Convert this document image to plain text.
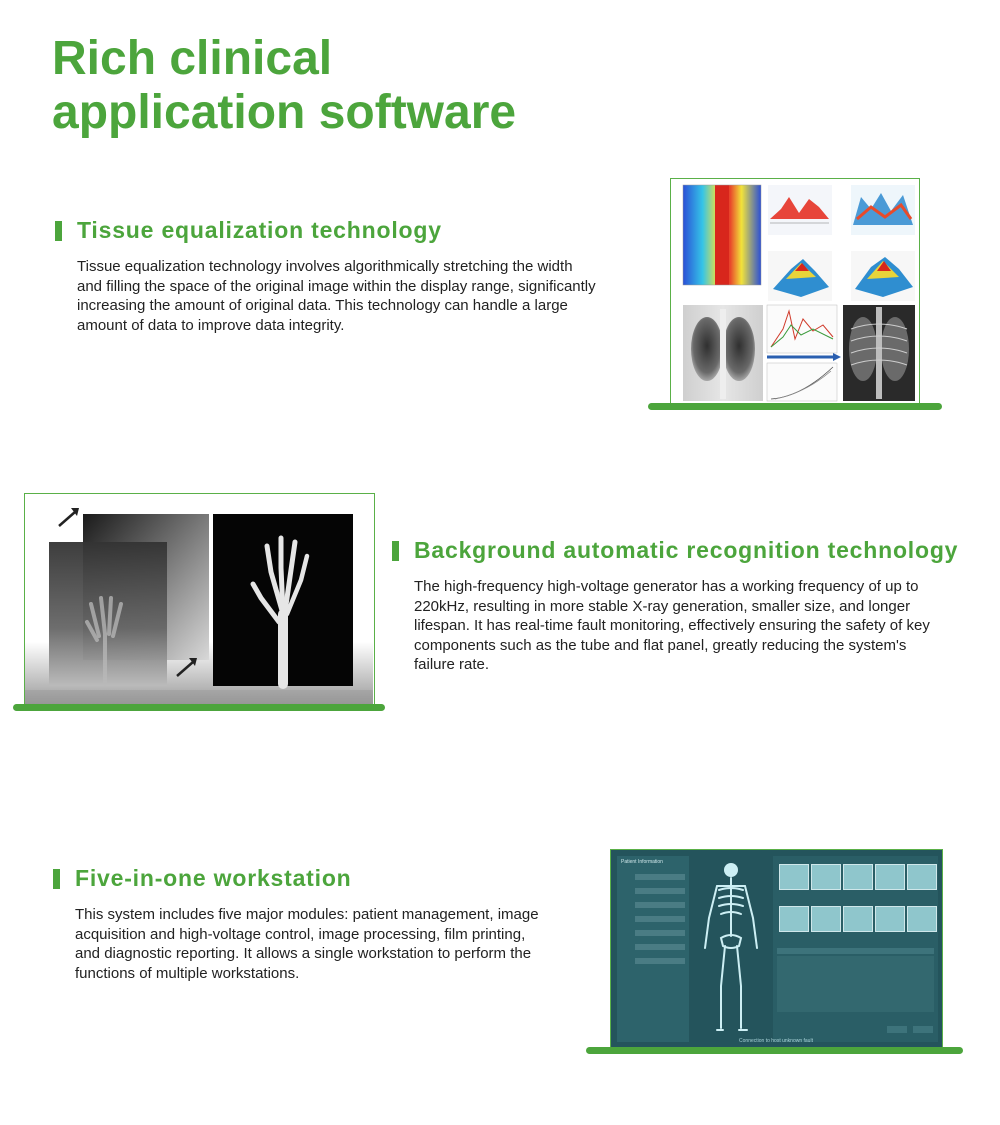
Rich clinical
application software
Tissue equalization technology

Tissue equalization technology involves algorithmically stretching the width
and filling the space of the original image within the display range, significantly
increasing the amount of original data. This technology can handle a large
amount of data to improve data integrity.

Background automatic recognition technology

The high-frequency high-voltage generator has a working frequency of up to
220kHz, resulting in more stable X-ray generation, smaller size, and longer
lifespan. It has real-time fault monitoring, effectively ensuring the safety of key
components such as the tube and flat panel, greatly reducing the system's
failure rate.

Five-in-one workstation

This system includes five major modules: patient management, image
acquisition and high-voltage control, image processing, film printing,
and diagnostic reporting. It allows a single workstation to perform the
functions of multiple workstations.

Patient Information
Connection to host unknown fault
